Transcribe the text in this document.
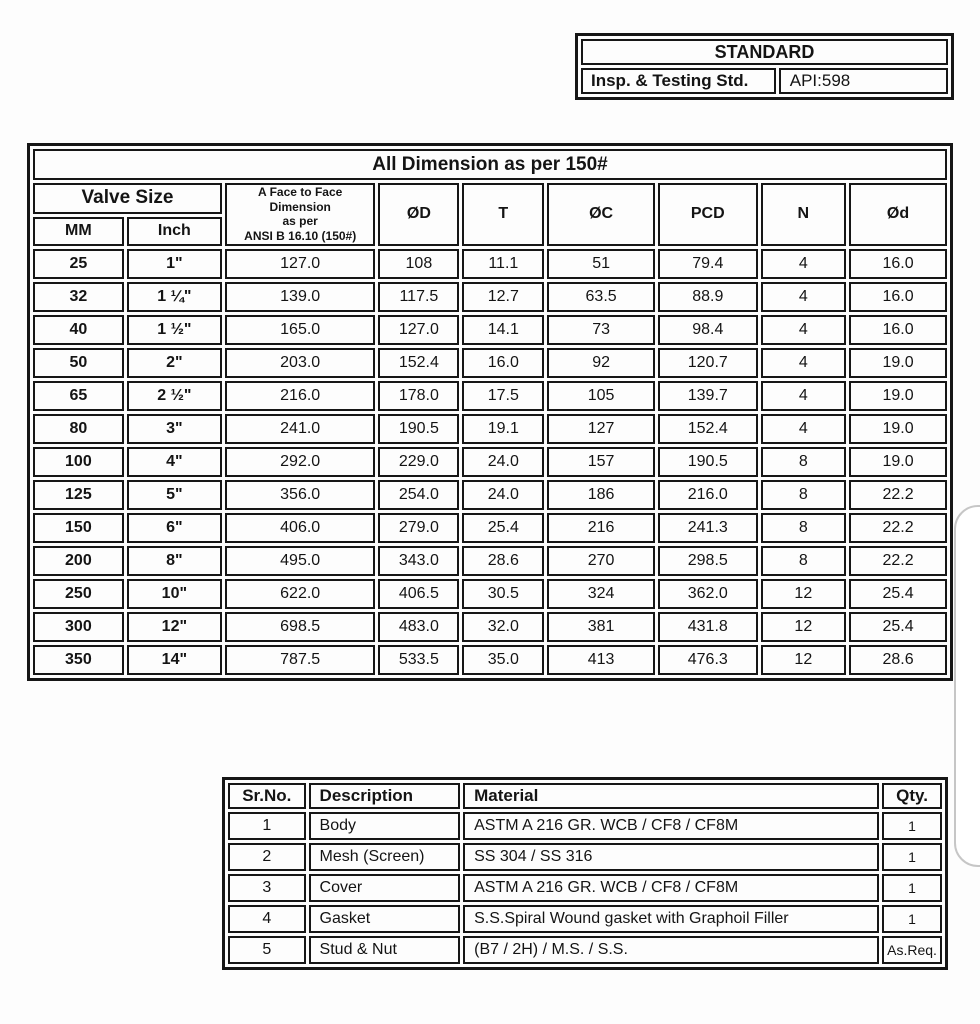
STANDARD
Insp. & Testing Std.	API:598
All Dimension as per 150#								
Valve Size		A Face to Face
Dimension
as per
ANSI B 16.10 (150#)	ØD	T	ØC	PCD	N	Ød
MM	Inch							
25	1"	127.0	108	11.1	51	79.4	4	16.0
32	1 ¼"	139.0	117.5	12.7	63.5	88.9	4	16.0
40	1 ½"	165.0	127.0	14.1	73	98.4	4	16.0
50	2"	203.0	152.4	16.0	92	120.7	4	19.0
65	2 ½"	216.0	178.0	17.5	105	139.7	4	19.0
80	3"	241.0	190.5	19.1	127	152.4	4	19.0
100	4"	292.0	229.0	24.0	157	190.5	8	19.0
125	5"	356.0	254.0	24.0	186	216.0	8	22.2
150	6"	406.0	279.0	25.4	216	241.3	8	22.2
200	8"	495.0	343.0	28.6	270	298.5	8	22.2
250	10"	622.0	406.5	30.5	324	362.0	12	25.4
300	12"	698.5	483.0	32.0	381	431.8	12	25.4
350	14"	787.5	533.5	35.0	413	476.3	12	28.6
Sr.No.	Description	Material	Qty.
1	Body	ASTM A 216 GR. WCB / CF8 / CF8M	1
2	Mesh (Screen)	SS 304 / SS 316	1
3	Cover	ASTM A 216 GR. WCB / CF8 / CF8M	1
4	Gasket	S.S.Spiral Wound gasket with Graphoil Filler	1
5	Stud & Nut	(B7 / 2H) / M.S. / S.S.	As.Req.
